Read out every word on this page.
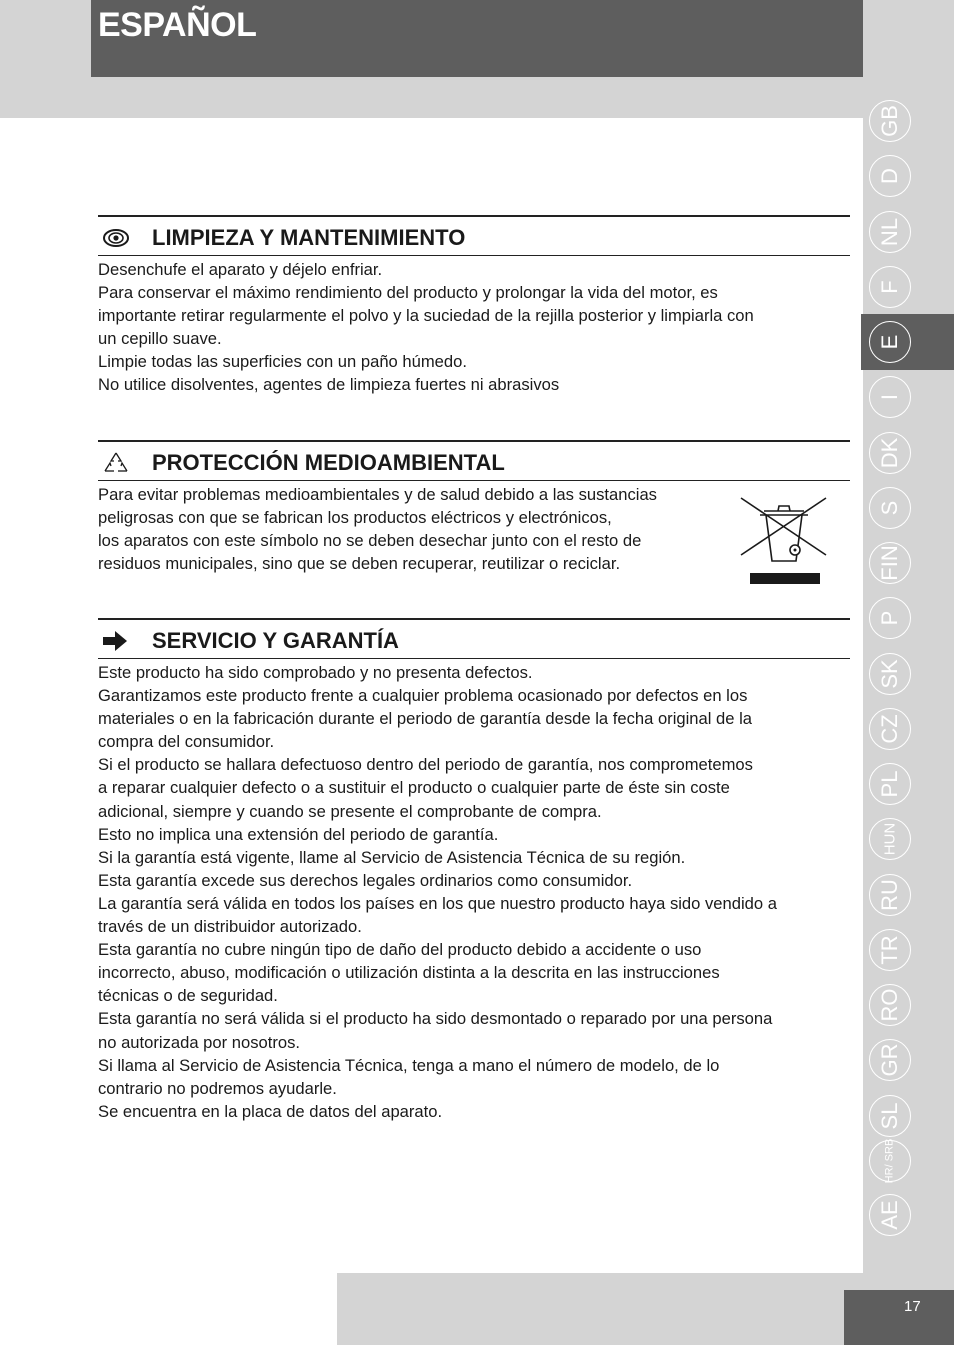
ESPAÑOL
LIMPIEZA Y MANTENIMIENTO

Desenchufe el aparato y déjelo enfriar.

Para conservar el máximo rendimiento del producto y prolongar la vida del motor, es

importante retirar regularmente el polvo y la suciedad de la rejilla posterior y limpiarla con

un cepillo suave.

Limpie todas las superficies con un paño húmedo.

No utilice disolventes, agentes de limpieza fuertes ni abrasivos

PROTECCIÓN MEDIOAMBIENTAL

Para evitar problemas medioambientales y de salud debido a las sustancias

peligrosas con que se fabrican los productos eléctricos y electrónicos,

los aparatos con este símbolo no se deben desechar junto con el resto de

residuos municipales, sino que se deben recuperar, reutilizar o reciclar.

SERVICIO Y GARANTÍA

Este producto ha sido comprobado y no presenta defectos.

Garantizamos este producto frente a cualquier problema ocasionado por defectos en los

materiales o en la fabricación durante el periodo de garantía desde la fecha original de la

compra del consumidor.

Si el producto se hallara defectuoso dentro del periodo de garantía, nos comprometemos

a reparar cualquier defecto o a sustituir el producto o cualquier parte de éste sin coste

adicional, siempre y cuando se presente el comprobante de compra.

Esto no implica una extensión del periodo de garantía.

Si la garantía está vigente, llame al Servicio de Asistencia Técnica de su región.

Esta garantía excede sus derechos legales ordinarios como consumidor.

La garantía será válida en todos los países en los que nuestro producto haya sido vendido a

través de un distribuidor autorizado.

Esta garantía no cubre ningún tipo de daño del producto debido a accidente o uso

incorrecto, abuso, modificación o utilización distinta a la descrita en las instrucciones

técnicas o de seguridad.

Esta garantía no será válida si el producto ha sido desmontado o reparado por una persona

no autorizada por nosotros.

Si llama al Servicio de Asistencia Técnica, tenga a mano el número de modelo, de lo

contrario no podremos ayudarle.

Se encuentra en la placa de datos del aparato.

GB
D
NL
F
E
I
DK
S
FIN
P
SK
CZ
PL
HUN
RU
TR
RO
GR
SL
HR/ SRB
AE
17
